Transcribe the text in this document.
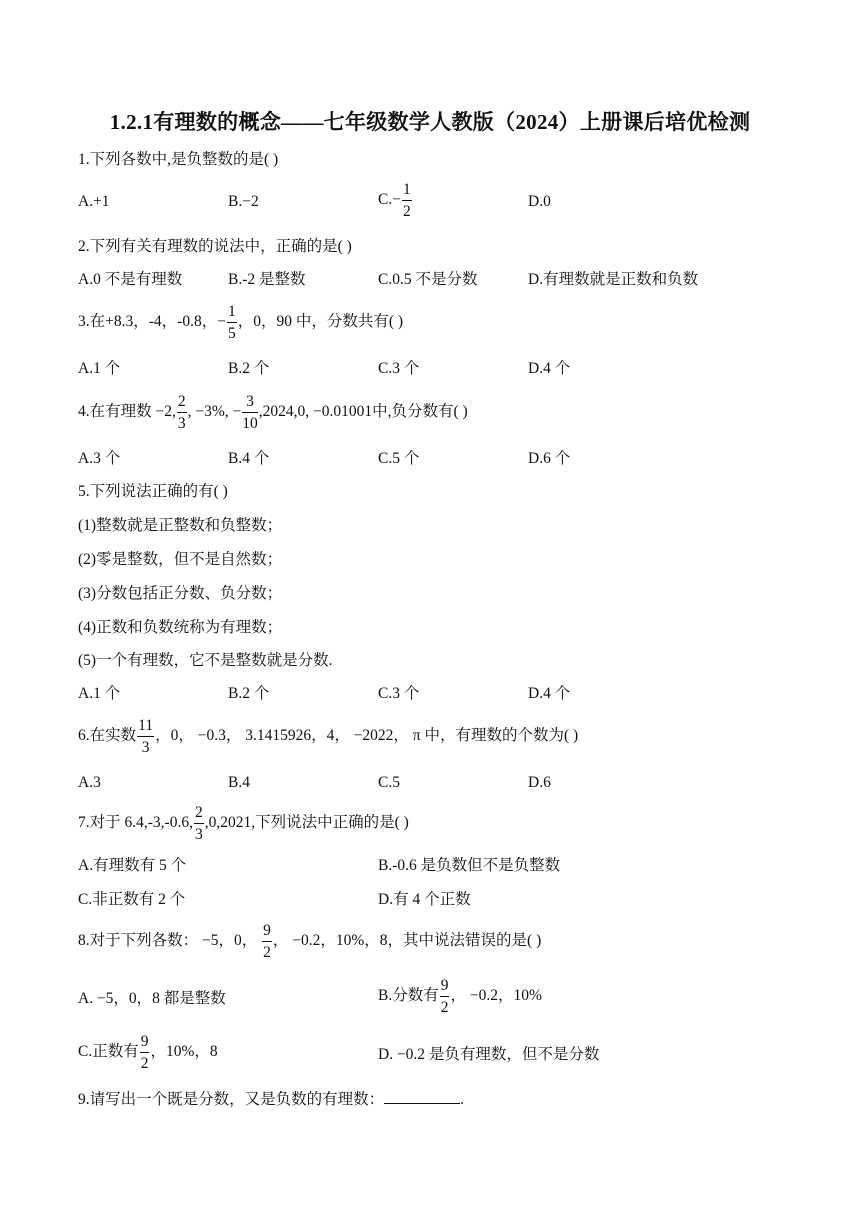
1.2.1有理数的概念——七年级数学人教版（2024）上册课后培优检测
1.下列各数中,是负整数的是( )
A.+1	B.−2	$C.- \frac{1}{2}$	D.0
2.下列有关有理数的说法中，正确的是( )
A.0 不是有理数	B.-2 是整数	C.0.5 不是分数	D.有理数就是正数和负数
3.在+8.3，-4，-0.8，− $\frac{1}{5}$ ，0，90 中，分数共有( )
A.1 个	B.2 个	C.3 个	D.4 个
4.在有理数 −2, $\frac{2}{3}$ , −3%, − $\frac{3}{10} ,2024,0$, −0.01001中,负分数有( )
A.3 个	B.4 个	C.5 个	D.6 个
5.下列说法正确的有( )
(1)整数就是正整数和负整数；
(2)零是整数，但不是自然数；
(3)分数包括正分数、负分数；
(4)正数和负数统称为有理数；
(5)一个有理数，它不是整数就是分数.
A.1 个	B.2 个	C.3 个	D.4 个
6.在实数 $\frac{11}{3}$ ，0， −0.3， 3.1415926，4， −2022， π 中，有理数的个数为( )
A.3	B.4	C.5	D.6
7.对于 6.4,-3,-0.6, $\frac{2}{3} ,0,2021$,下列说法中正确的是( )
A.有理数有 5 个	B.-0.6 是负数但不是负整数
C.非正数有 2 个	D.有 4 个正数
8.对于下列各数： −5，0， $\frac{9}{2}$ ， −0.2，10%，8，其中说法错误的是( )
A. −5，0，8 都是整数	B.分数有 $\frac{9}{2}$ ， −0.2，10%
C.正数有 $\frac{9}{2}$ ，10%，8	D. −0.2 是负有理数，但不是分数
9.请写出一个既是分数，又是负数的有理数：	.
